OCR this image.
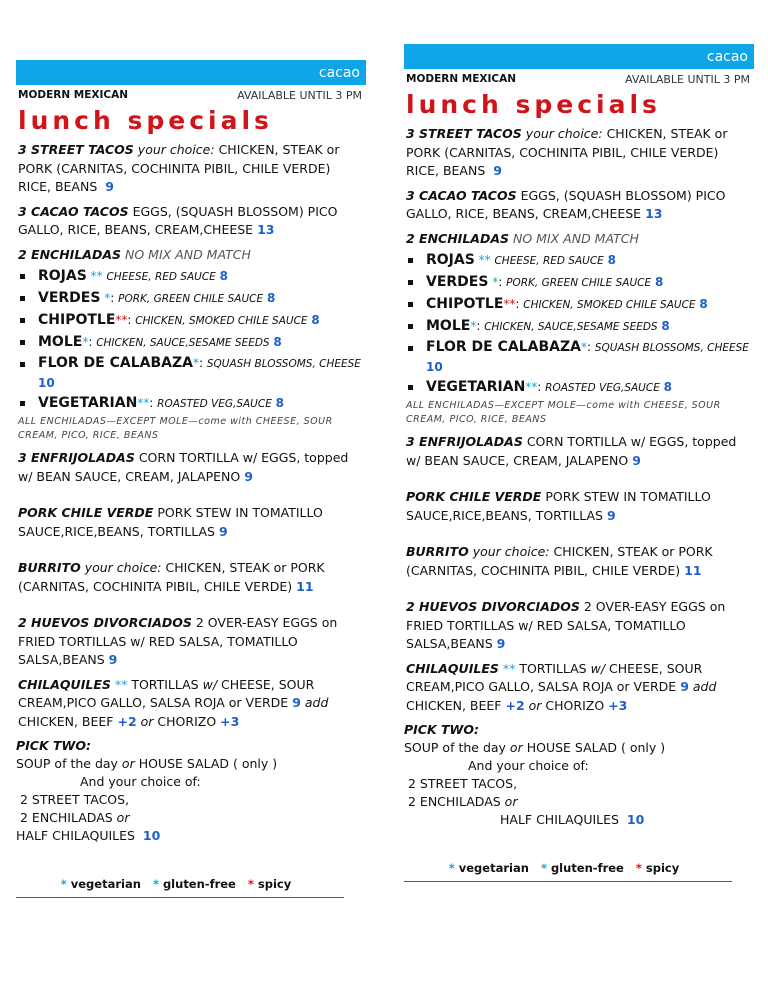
cacao
MODERN MEXICAN	AVAILABLE UNTIL 3 PM
lunch specials
3 STREET TACOS your choice: CHICKEN, STEAK or PORK (CARNITAS, COCHINITA PIBIL, CHILE VERDE) RICE, BEANS 9
3 CACAO TACOS EGGS, (SQUASH BLOSSOM) PICO GALLO, RICE, BEANS, CREAM,CHEESE 13
2 ENCHILADAS NO MIX AND MATCH
ROJAS ** CHEESE, RED SAUCE 8
VERDES *: PORK, GREEN CHILE SAUCE 8
CHIPOTLE**: CHICKEN, SMOKED CHILE SAUCE 8
MOLE*: CHICKEN, SAUCE,SESAME SEEDS 8
FLOR DE CALABAZA*: SQUASH BLOSSOMS, CHEESE 10
VEGETARIAN**: ROASTED VEG,SAUCE 8
ALL ENCHILADAS—EXCEPT MOLE—come with CHEESE, SOUR CREAM, PICO, RICE, BEANS
3 ENFRIJOLADAS CORN TORTILLA w/ EGGS, topped w/ BEAN SAUCE, CREAM, JALAPENO 9
PORK CHILE VERDE PORK STEW IN TOMATILLO SAUCE,RICE,BEANS, TORTILLAS 9
BURRITO your choice: CHICKEN, STEAK or PORK (CARNITAS, COCHINITA PIBIL, CHILE VERDE) 11
2 HUEVOS DIVORCIADOS 2 OVER-EASY EGGS on FRIED TORTILLAS w/ RED SALSA, TOMATILLO SALSA,BEANS 9
CHILAQUILES ** TORTILLAS w/ CHEESE, SOUR CREAM,PICO GALLO, SALSA ROJA or VERDE 9 add CHICKEN, BEEF +2 or CHORIZO +3
PICK TWO:
SOUP of the day or HOUSE SALAD ( only )
And your choice of:
2 STREET TACOS,
2 ENCHILADAS or
HALF CHILAQUILES 10
* vegetarian * gluten-free * spicy
cacao
MODERN MEXICAN	AVAILABLE UNTIL 3 PM
lunch specials
3 STREET TACOS your choice: CHICKEN, STEAK or PORK (CARNITAS, COCHINITA PIBIL, CHILE VERDE) RICE, BEANS 9
3 CACAO TACOS EGGS, (SQUASH BLOSSOM) PICO GALLO, RICE, BEANS, CREAM,CHEESE 13
2 ENCHILADAS NO MIX AND MATCH
ROJAS ** CHEESE, RED SAUCE 8
VERDES *: PORK, GREEN CHILE SAUCE 8
CHIPOTLE**: CHICKEN, SMOKED CHILE SAUCE 8
MOLE*: CHICKEN, SAUCE,SESAME SEEDS 8
FLOR DE CALABAZA*: SQUASH BLOSSOMS, CHEESE 10
VEGETARIAN**: ROASTED VEG,SAUCE 8
ALL ENCHILADAS—EXCEPT MOLE—come with CHEESE, SOUR CREAM, PICO, RICE, BEANS
3 ENFRIJOLADAS CORN TORTILLA w/ EGGS, topped w/ BEAN SAUCE, CREAM, JALAPENO 9
PORK CHILE VERDE PORK STEW IN TOMATILLO SAUCE,RICE,BEANS, TORTILLAS 9
BURRITO your choice: CHICKEN, STEAK or PORK (CARNITAS, COCHINITA PIBIL, CHILE VERDE) 11
2 HUEVOS DIVORCIADOS 2 OVER-EASY EGGS on FRIED TORTILLAS w/ RED SALSA, TOMATILLO SALSA,BEANS 9
CHILAQUILES ** TORTILLAS w/ CHEESE, SOUR CREAM,PICO GALLO, SALSA ROJA or VERDE 9 add CHICKEN, BEEF +2 or CHORIZO +3
PICK TWO:
SOUP of the day or HOUSE SALAD ( only )
And your choice of:
2 STREET TACOS,
2 ENCHILADAS or
HALF CHILAQUILES 10
* vegetarian * gluten-free * spicy
